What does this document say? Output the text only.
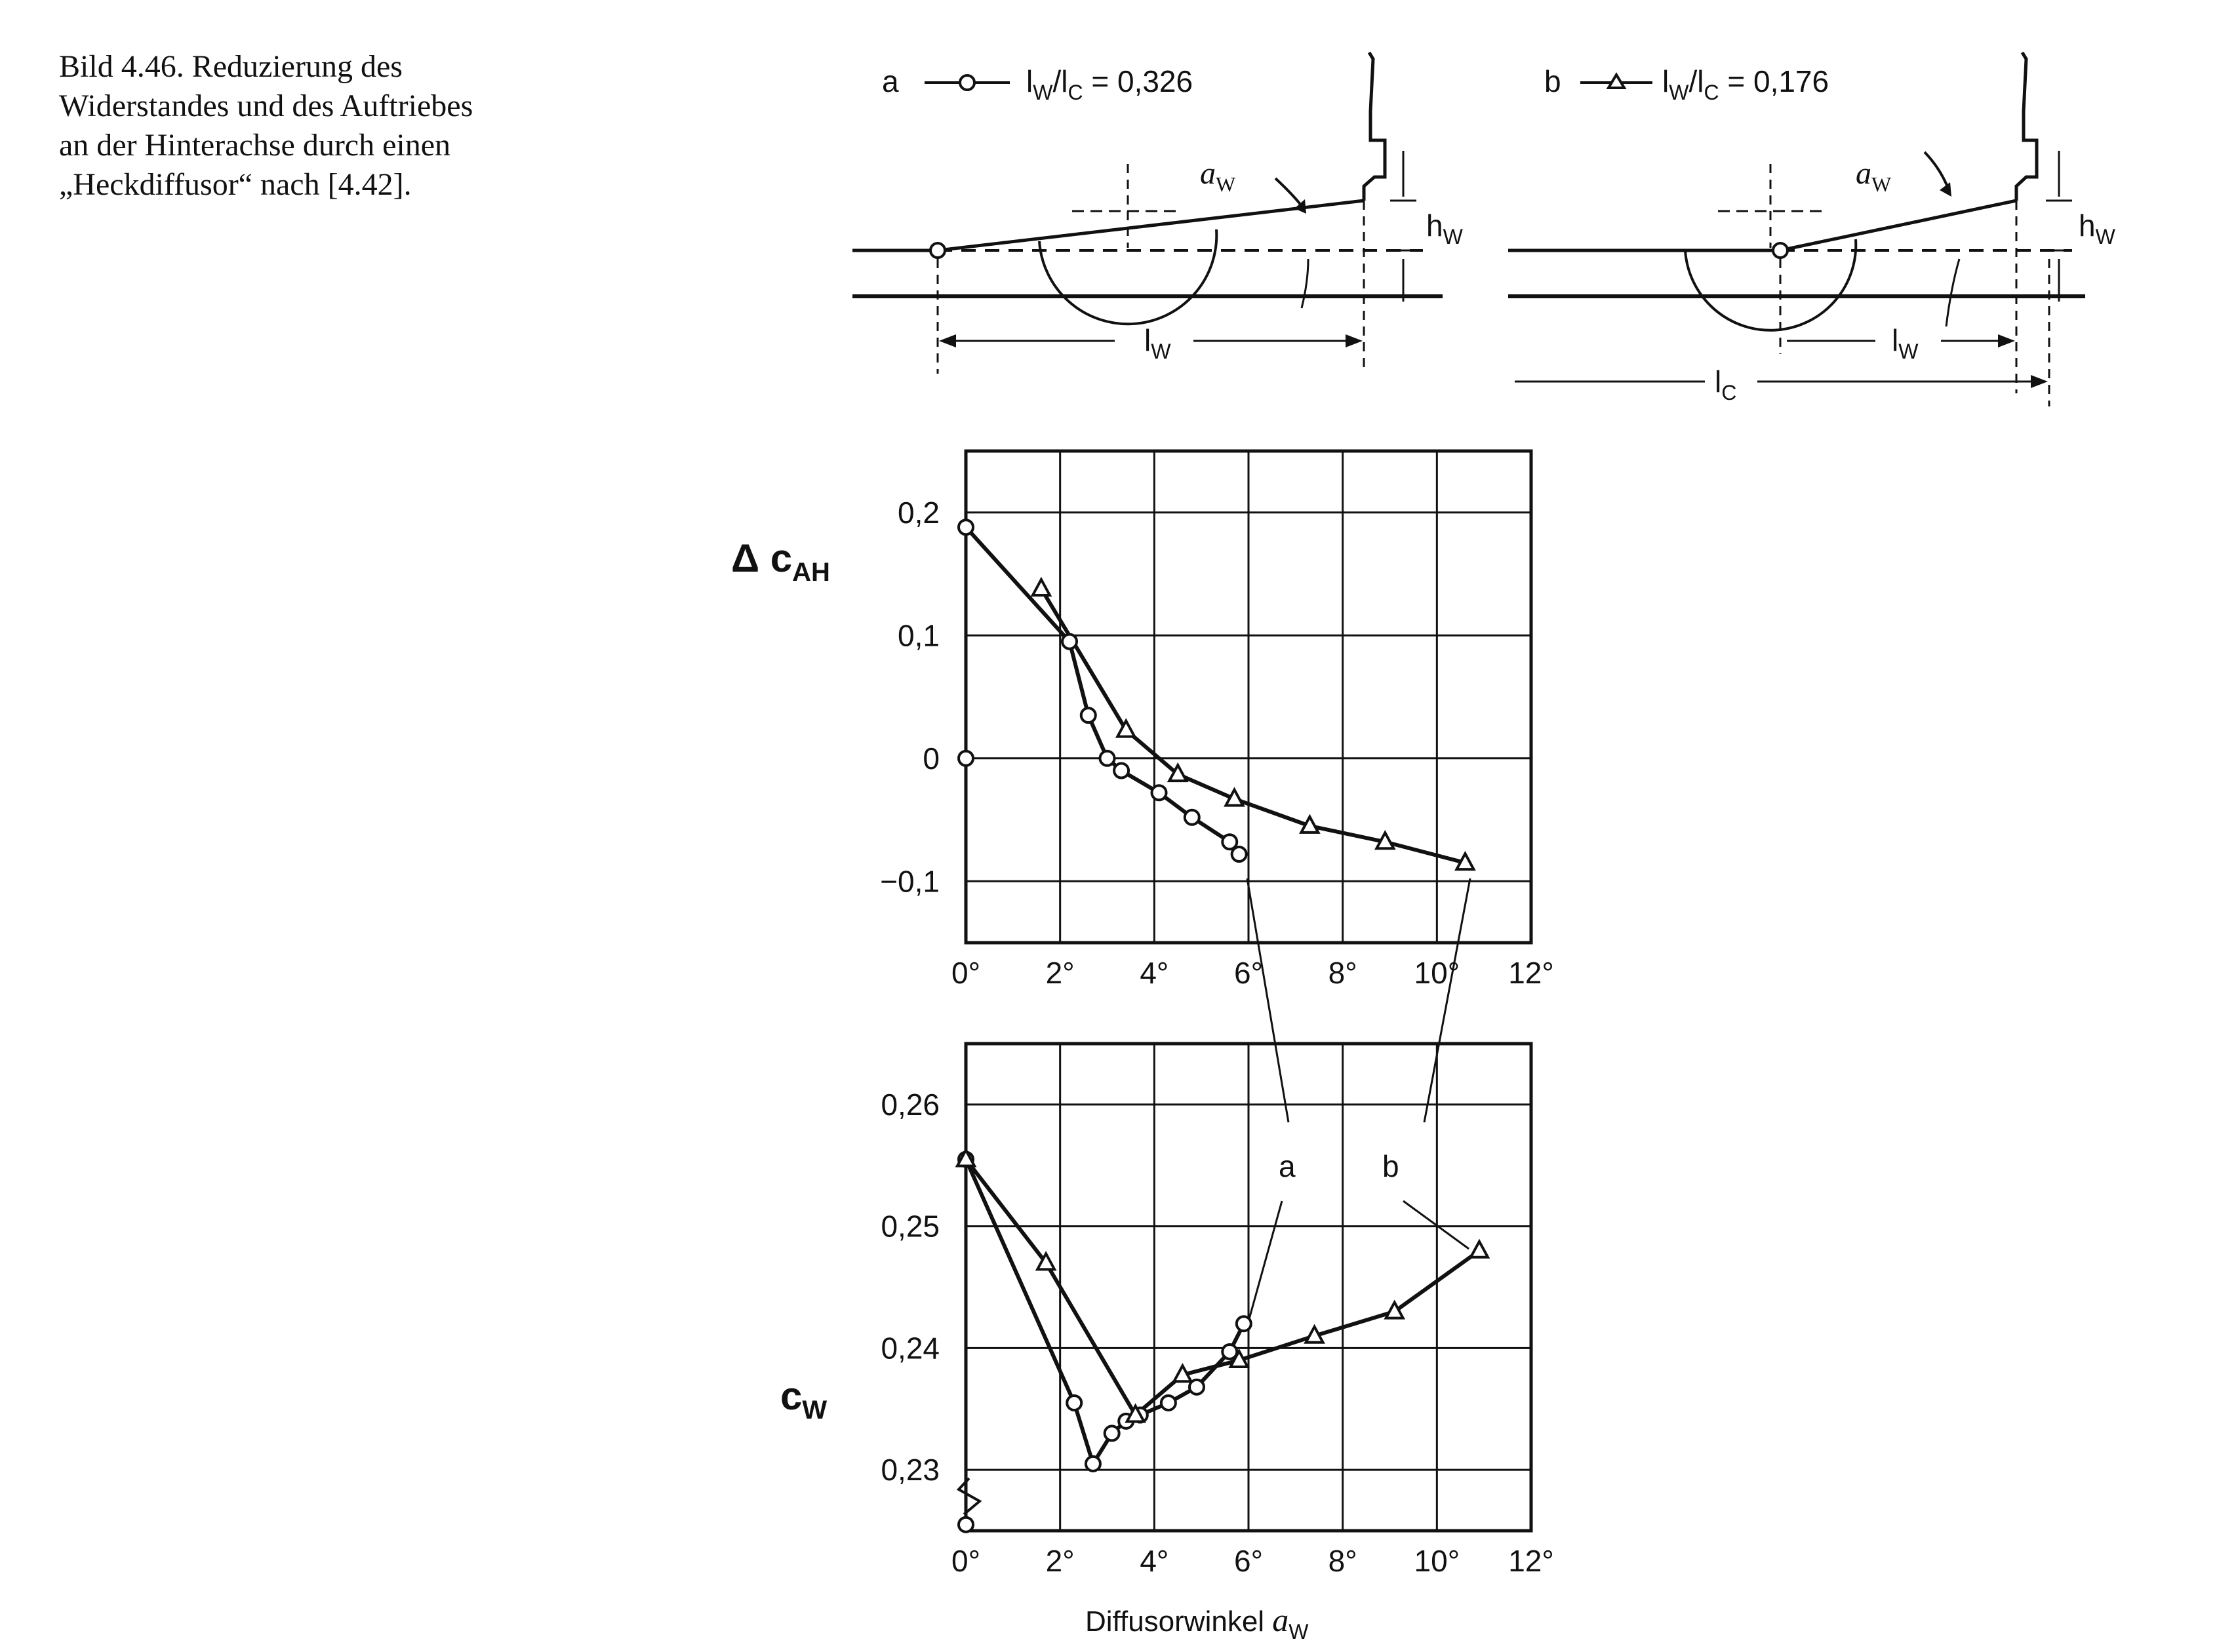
Bild 4.46. Reduzierung des
Widerstandes und des Auftriebes
an der Hinterachse durch einen
„Heckdiffusor“ nach [4.42].
a	$l_W/l_C = 0,326$
$a_W$
$h_W$
$l_W$
b	$l_W/l_C = 0,176$
$a_W$
$h_W$
$l_W$
$l_C$
0° 2° 4° 6° 8° 10° 12°
0,2
0,1
0
−0,1
Δ $c_{AH}$
0° 2° 4° 6° 8° 10° 12°
0,26
0,25
0,24
0,23
$c_W$
Diffusorwinkel $a_W$
a	b
